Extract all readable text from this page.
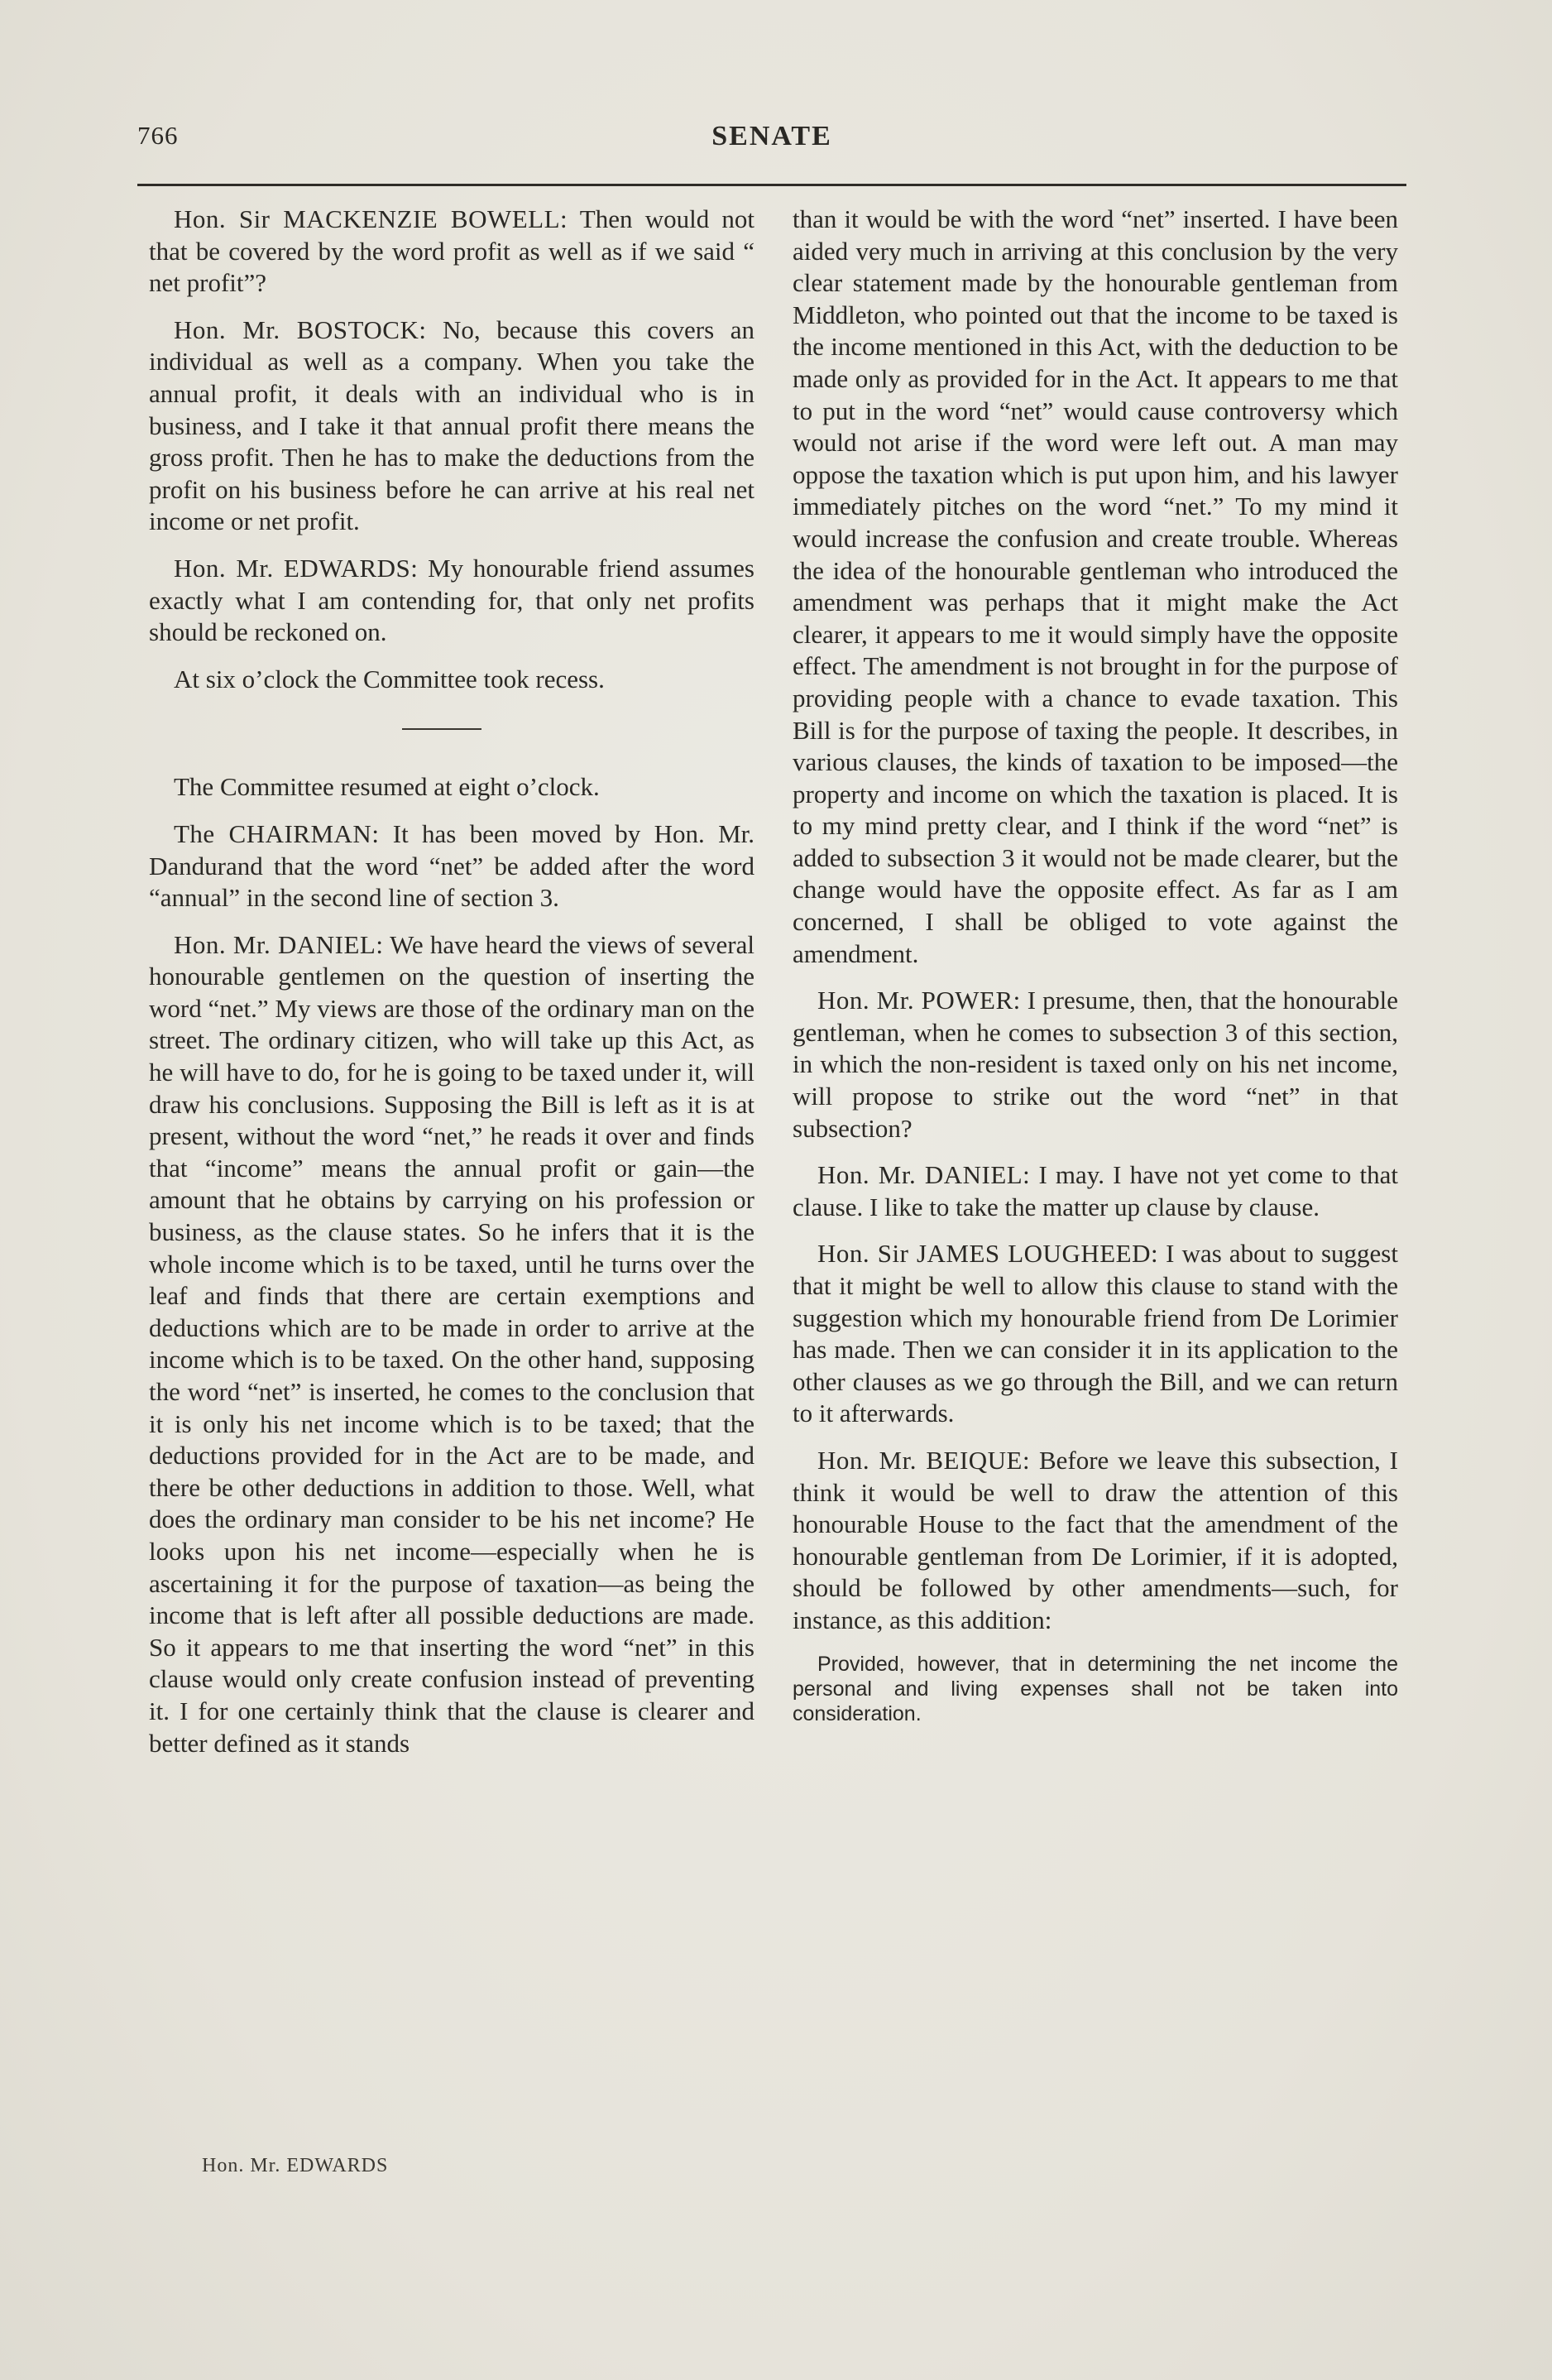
766	SENATE

Hon. Sir MACKENZIE BOWELL: Then would not that be covered by the word profit as well as if we said “ net profit”?

Hon. Mr. BOSTOCK: No, because this covers an individual as well as a company. When you take the annual profit, it deals with an individual who is in business, and I take it that annual profit there means the gross profit. Then he has to make the deductions from the profit on his business before he can arrive at his real net income or net profit.

Hon. Mr. EDWARDS: My honourable friend assumes exactly what I am contending for, that only net profits should be reckoned on.

At six o’clock the Committee took recess.

The Committee resumed at eight o’clock.

The CHAIRMAN: It has been moved by Hon. Mr. Dandurand that the word “net” be added after the word “annual” in the second line of section 3.

Hon. Mr. DANIEL: We have heard the views of several honourable gentlemen on the question of inserting the word “net.” My views are those of the ordinary man on the street. The ordinary citizen, who will take up this Act, as he will have to do, for he is going to be taxed under it, will draw his conclusions. Supposing the Bill is left as it is at present, without the word “net,” he reads it over and finds that “income” means the annual profit or gain—the amount that he obtains by carrying on his profession or business, as the clause states. So he infers that it is the whole income which is to be taxed, until he turns over the leaf and finds that there are certain exemptions and deductions which are to be made in order to arrive at the income which is to be taxed. On the other hand, supposing the word “net” is inserted, he comes to the conclusion that it is only his net income which is to be taxed; that the deductions provided for in the Act are to be made, and there be other deductions in addition to those. Well, what does the ordinary man consider to be his net income? He looks upon his net income—especially when he is ascertaining it for the purpose of taxation—as being the income that is left after all possible deductions are made. So it appears to me that inserting the word “net” in this clause would only create confusion instead of preventing it. I for one certainly think that the clause is clearer and better defined as it stands

than it would be with the word “net” inserted. I have been aided very much in arriving at this conclusion by the very clear statement made by the honourable gentleman from Middleton, who pointed out that the income to be taxed is the income mentioned in this Act, with the deduction to be made only as provided for in the Act. It appears to me that to put in the word “net” would cause controversy which would not arise if the word were left out. A man may oppose the taxation which is put upon him, and his lawyer immediately pitches on the word “net.” To my mind it would increase the confusion and create trouble. Whereas the idea of the honourable gentleman who introduced the amendment was perhaps that it might make the Act clearer, it appears to me it would simply have the opposite effect. The amendment is not brought in for the purpose of providing people with a chance to evade taxation. This Bill is for the purpose of taxing the people. It describes, in various clauses, the kinds of taxation to be imposed—the property and income on which the taxation is placed. It is to my mind pretty clear, and I think if the word “net” is added to subsection 3 it would not be made clearer, but the change would have the opposite effect. As far as I am concerned, I shall be obliged to vote against the amendment.

Hon. Mr. POWER: I presume, then, that the honourable gentleman, when he comes to subsection 3 of this section, in which the non-resident is taxed only on his net income, will propose to strike out the word “net” in that subsection?

Hon. Mr. DANIEL: I may. I have not yet come to that clause. I like to take the matter up clause by clause.

Hon. Sir JAMES LOUGHEED: I was about to suggest that it might be well to allow this clause to stand with the suggestion which my honourable friend from De Lorimier has made. Then we can consider it in its application to the other clauses as we go through the Bill, and we can return to it afterwards.

Hon. Mr. BEIQUE: Before we leave this subsection, I think it would be well to draw the attention of this honourable House to the fact that the amendment of the honourable gentleman from De Lorimier, if it is adopted, should be followed by other amendments—such, for instance, as this addition:

Provided, however, that in determining the net income the personal and living expenses shall not be taken into consideration.

Hon. Mr. EDWARDS
